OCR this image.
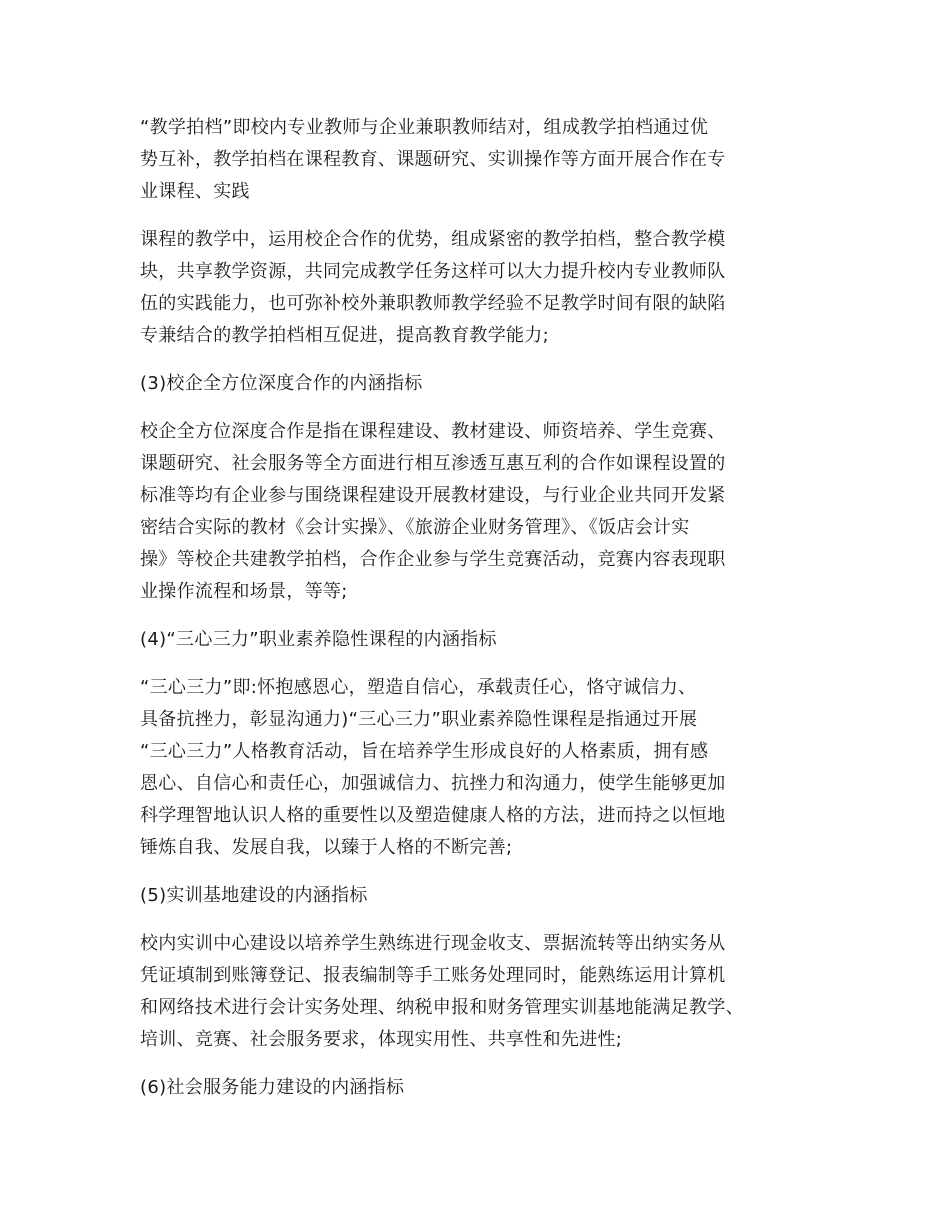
“教学拍档”即校内专业教师与企业兼职教师结对，组成教学拍档通过优
势互补，教学拍档在课程教育、课题研究、实训操作等方面开展合作在专
业课程、实践

课程的教学中，运用校企合作的优势，组成紧密的教学拍档，整合教学模
块，共享教学资源，共同完成教学任务这样可以大力提升校内专业教师队
伍的实践能力，也可弥补校外兼职教师教学经验不足教学时间有限的缺陷
专兼结合的教学拍档相互促进，提高教育教学能力;

(3)校企全方位深度合作的内涵指标

校企全方位深度合作是指在课程建设、教材建设、师资培养、学生竞赛、
课题研究、社会服务等全方面进行相互渗透互惠互利的合作如课程设置的
标准等均有企业参与围绕课程建设开展教材建设，与行业企业共同开发紧
密结合实际的教材《会计实操》、《旅游企业财务管理》、《饭店会计实
操》等校企共建教学拍档，合作企业参与学生竞赛活动，竞赛内容表现职
业操作流程和场景，等等;

(4)“三心三力”职业素养隐性课程的内涵指标

“三心三力”即:怀抱感恩心，塑造自信心，承载责任心，恪守诚信力、
具备抗挫力，彰显沟通力)“三心三力”职业素养隐性课程是指通过开展
“三心三力”人格教育活动，旨在培养学生形成良好的人格素质，拥有感
恩心、自信心和责任心，加强诚信力、抗挫力和沟通力，使学生能够更加
科学理智地认识人格的重要性以及塑造健康人格的方法，进而持之以恒地
锤炼自我、发展自我，以臻于人格的不断完善;

(5)实训基地建设的内涵指标

校内实训中心建设以培养学生熟练进行现金收支、票据流转等出纳实务从
凭证填制到账簿登记、报表编制等手工账务处理同时，能熟练运用计算机
和网络技术进行会计实务处理、纳税申报和财务管理实训基地能满足教学、
培训、竞赛、社会服务要求，体现实用性、共享性和先进性;

(6)社会服务能力建设的内涵指标
